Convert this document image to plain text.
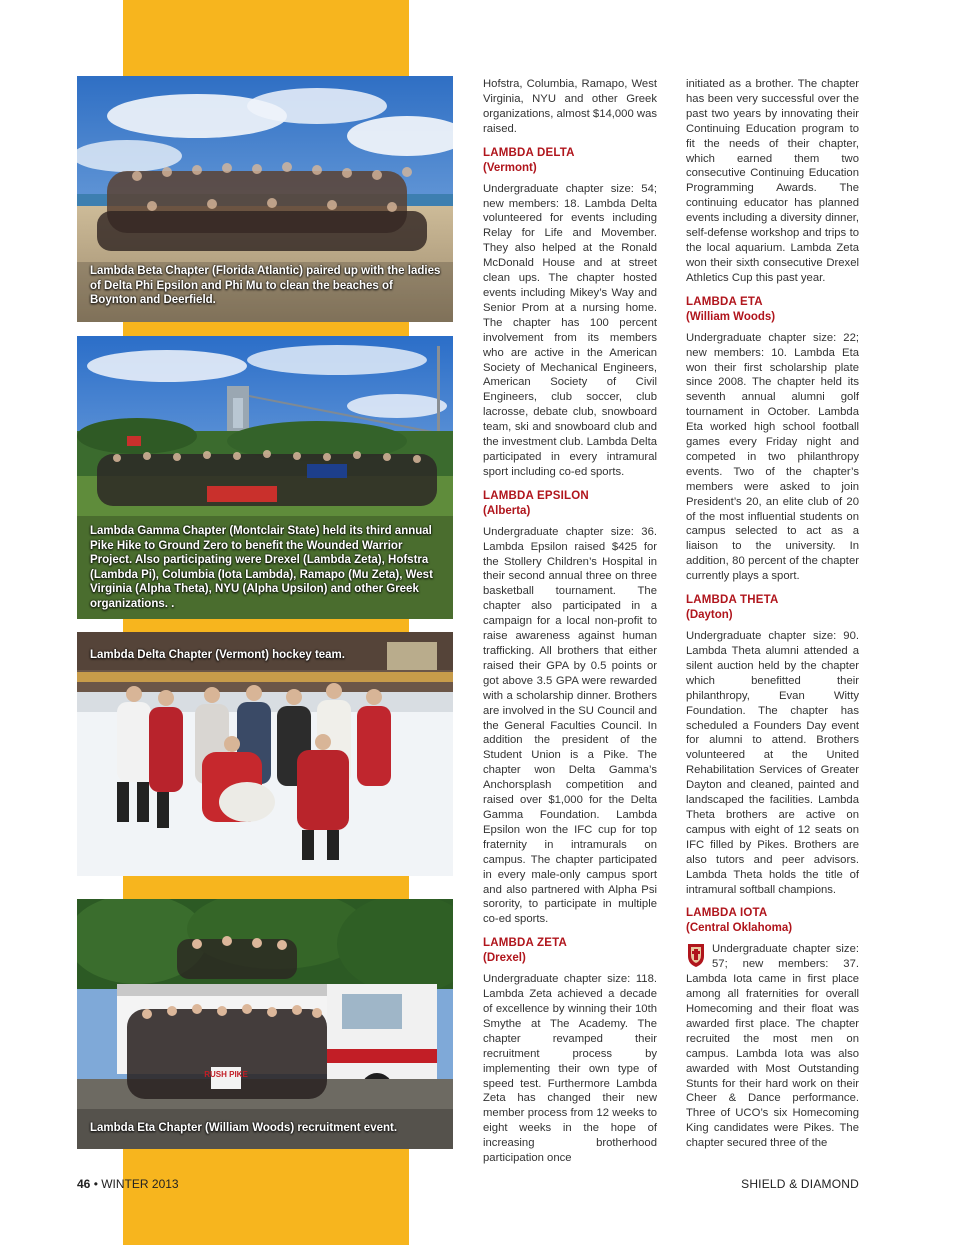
Lambda Beta Chapter (Florida Atlantic) paired up with the ladies of Delta Phi Epsilon and Phi Mu to clean the beaches of Boynton and Deerfield.
Lambda Gamma Chapter (Montclair State) held its third annual Pike Hike to Ground Zero to benefit the Wounded Warrior Project. Also participating were Drexel (Lambda Zeta), Hofstra (Lambda Pi), Columbia (Iota Lambda), Ramapo (Mu Zeta), West Virginia (Alpha Theta), NYU (Alpha Upsilon) and other Greek organizations. .
Lambda Delta Chapter (Vermont) hockey team.
RUSH PIKE
Lambda Eta Chapter (William Woods) recruitment event.

Hofstra, Columbia, Ramapo, West Virginia, NYU and other Greek organizations, almost $14,000 was raised.

LAMBDA DELTA
(Vermont)

Undergraduate chapter size: 54; new members: 18. Lambda Delta volunteered for events including Relay for Life and Movember. They also helped at the Ronald McDonald House and at street clean ups. The chapter hosted events including Mikey’s Way and Senior Prom at a nursing home. The chapter has 100 percent involvement from its members who are active in the American Society of Mechanical Engineers, American Society of Civil Engineers, club soccer, club lacrosse, debate club, snowboard team, ski and snowboard club and the investment club. Lambda Delta participated in every intramural sport including co-ed sports.

LAMBDA EPSILON
(Alberta)

Undergraduate chapter size: 36. Lambda Epsilon raised $425 for the Stollery Children’s Hospital in their second annual three on three basketball tournament. The chapter also participated in a campaign for a local non-profit to raise awareness against human trafficking. All brothers that either raised their GPA by 0.5 points or got above 3.5 GPA were rewarded with a scholarship dinner. Brothers are involved in the SU Council and the General Faculties Council. In addition the president of the Student Union is a Pike. The chapter won Delta Gamma’s Anchorsplash competition and raised over $1,000 for the Delta Gamma Foundation. Lambda Epsilon won the IFC cup for top fraternity in intramurals on campus. The chapter participated in every male-only campus sport and also partnered with Alpha Psi sorority, to participate in multiple co-ed sports.

LAMBDA ZETA
(Drexel)

Undergraduate chapter size: 118. Lambda Zeta achieved a decade of excellence by winning their 10th Smythe at The Academy. The chapter revamped their recruitment process by implementing their own type of speed test. Furthermore Lambda Zeta has changed their new member process from 12 weeks to eight weeks in the hope of increasing brotherhood participation once

initiated as a brother. The chapter has been very successful over the past two years by innovating their Continuing Education program to fit the needs of their chapter, which earned them two consecutive Continuing Education Programming Awards. The continuing educator has planned events including a diversity dinner, self-defense workshop and trips to the local aquarium. Lambda Zeta won their sixth consecutive Drexel Athletics Cup this past year.

LAMBDA ETA
(William Woods)

Undergraduate chapter size: 22; new members: 10. Lambda Eta won their first scholarship plate since 2008. The chapter held its seventh annual alumni golf tournament in October. Lambda Eta worked high school football games every Friday night and competed in two philanthropy events. Two of the chapter’s members were asked to join President’s 20, an elite club of 20 of the most influential students on campus selected to act as a liaison to the university. In addition, 80 percent of the chapter currently plays a sport.

LAMBDA THETA
(Dayton)

Undergraduate chapter size: 90. Lambda Theta alumni attended a silent auction held by the chapter which benefitted their philanthropy, Evan Witty Foundation. The chapter has scheduled a Founders Day event for alumni to attend. Brothers volunteered at the United Rehabilitation Services of Greater Dayton and cleaned, painted and landscaped the facilities. Lambda Theta brothers are active on campus with eight of 12 seats on IFC filled by Pikes. Brothers are also tutors and peer advisors. Lambda Theta holds the title of intramural softball champions.

LAMBDA IOTA
(Central Oklahoma)

Undergraduate chapter size: 57; new members: 37. Lambda Iota came in first place among all fraternities for overall Homecoming and their float was awarded first place. The chapter recruited the most men on campus. Lambda Iota was also awarded with Most Outstanding Stunts for their hard work on their Cheer & Dance performance. Three of UCO’s six Homecoming King candidates were Pikes. The chapter secured three of the

46 • WINTER 2013	SHIELD & DIAMOND
